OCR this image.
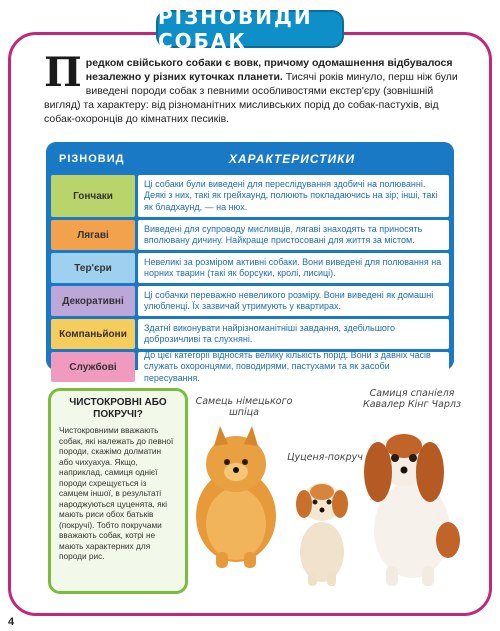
РІЗНОВИДИ СОБАК
Предком свійського собаки є вовк, причому одомашнення відбувалося незалежно у різних куточках планети. Тисячі років минуло, перш ніж були виведені породи собак з певними особливостями екстер'єру (зовнішній вигляд) та характеру: від різноманітних мисливських порід до собак-пастухів, від собак-охоронців до кімнатних песиків.
РІЗНОВИД	ХАРАКТЕРИСТИКИ
Гончаки
Ці собаки були виведені для переслідування здобичі на полюванні. Деякі з них, такі як грейхаунд, полюють покладаючись на зір; інші, такі як бладхаунд, — на нюх.
Лягаві
Виведені для супроводу мисливців, лягаві знаходять та приносять вполювану дичину. Найкраще пристосовані для життя за містом.
Тер'єри
Невеликі за розміром активні собаки. Вони виведені для полювання на норних тварин (такі як борсуки, кролі, лисиці).
Декоративні
Ці собачки переважно невеликого розміру. Вони виведені як домашні улюбленці. Їх зазвичай утримують у квартирах.
Компаньйони
Здатні виконувати найрізноманітніші завдання, здебільшого доброзичливі та слухняні.
Службові
До цієї категорії відносять велику кількість порід. Вони з давніх часів служать охоронцями, поводирями, пастухами та як засоби пересування.
ЧИСТОКРОВНІ АБО ПОКРУЧІ?
Чистокровними вважають собак, які належать до певної породи, скажімо долматин або чихуахуа. Якщо, наприклад, самиця однієї породи схрещується із самцем іншої, в результаті народжуються цуценята, які мають риси обох батьків (покручі). Тобто покручами вважають собак, котрі не мають характерних для породи рис.
Самець німецького шпіца
Цуценя-покруч
Самиця спаніеля Кавалер Кінг Чарлз
4
